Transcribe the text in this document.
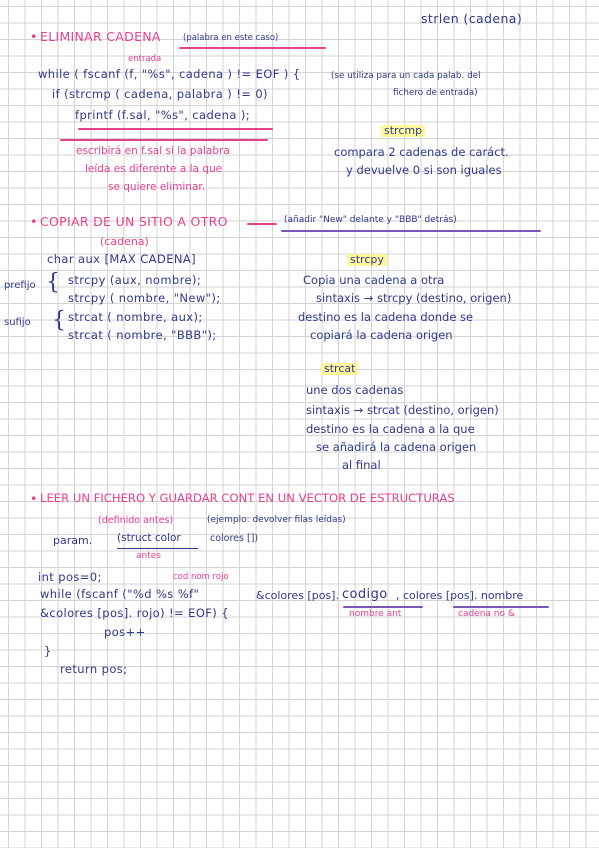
strlen (cadena)
• ELIMINAR CADENA	(palabra en este caso)
entrada
while ( fscanf (f, "%s", cadena ) != EOF ) {
if (strcmp ( cadena, palabra ) != 0)
fprintf (f.sal, "%s", cadena );
(se utiliza para un cada palab. del
fichero de entrada)
escribirá en f.sal si la palabra
leída es diferente a la que
se quiere eliminar.
strcmp
compara 2 cadenas de caráct.
y devuelve 0 si son iguales
• COPIAR DE UN SITIO A OTRO	(añadir "New" delante y "BBB" detrás)
(cadena)
char aux [MAX CADENA]
prefijo { strcpy (aux, nombre);
strcpy ( nombre, "New");
sufijo { strcat ( nombre, aux);
strcat ( nombre, "BBB");
strcpy
Copia una cadena a otra
sintaxis → strcpy (destino, origen)
destino es la cadena donde se
copiará la cadena origen
strcat
une dos cadenas
sintaxis → strcat (destino, origen)
destino es la cadena a la que
se añadirá la cadena origen
al final
• LEER UN FICHERO Y GUARDAR CONT EN UN VECTOR DE ESTRUCTURAS
(definido antes)	(ejemplo: devolver filas leídas)
param. (struct color	colores [])
antes
int pos=0;	cod nom rojo
while (fscanf ("%d %s %f"	&colores [pos]. codigo , colores [pos]. nombre
&colores [pos]. rojo) != EOF) {	nombre ant	cadena no &
pos++
}
return pos;
